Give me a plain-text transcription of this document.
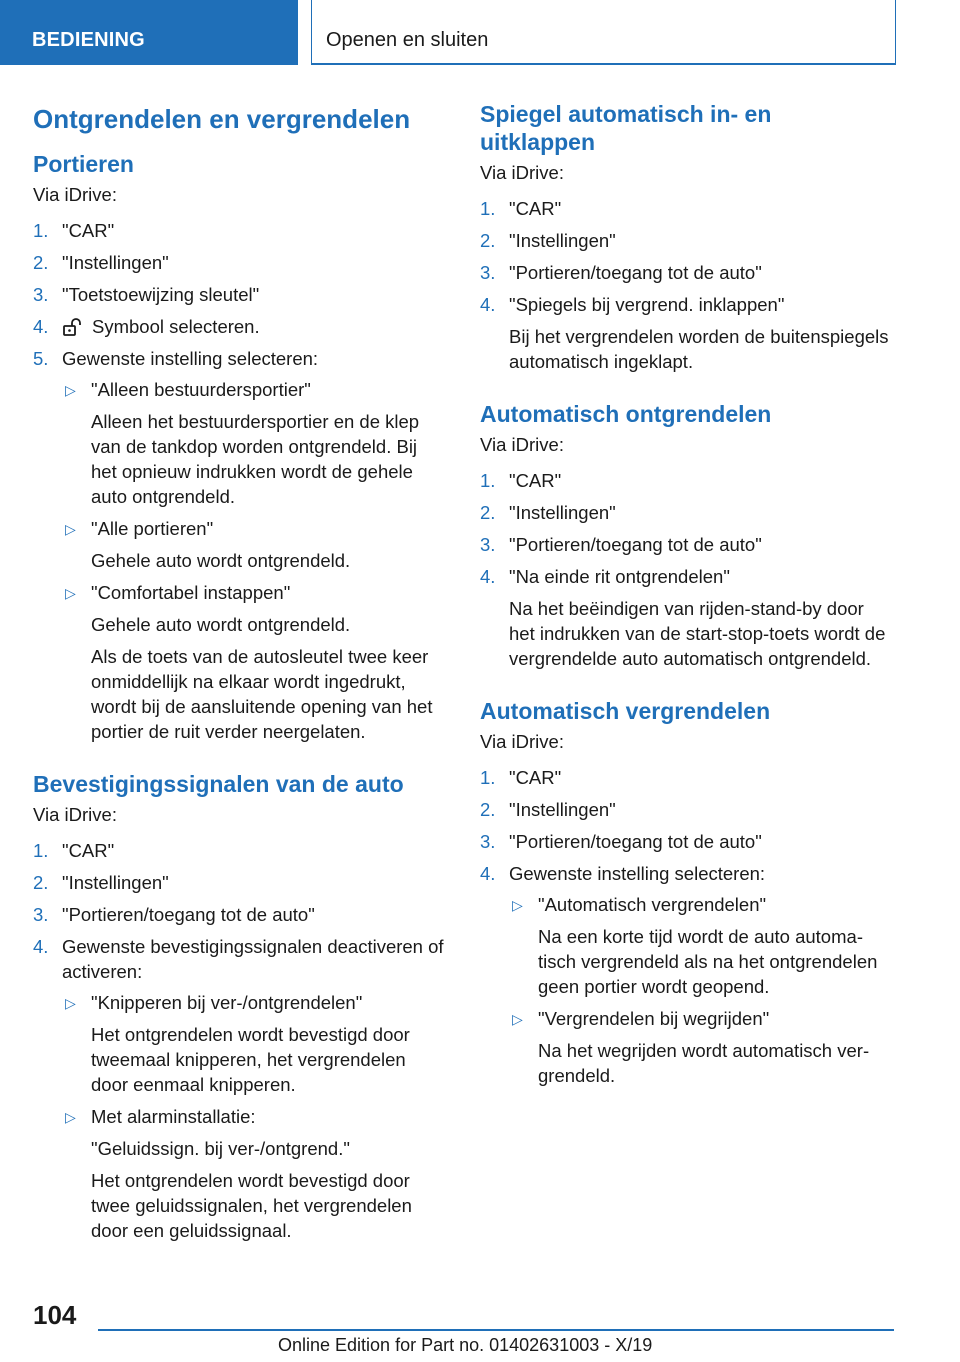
BEDIENING	Openen en sluiten
Ontgrendelen en vergrendelen
Portieren

Via iDrive:

1. "CAR"
2. "Instellingen"
3. "Toetstoewijzing sleutel"
4. Symbool selecteren.
5. Gewenste instelling selecteren:
▷ "Alleen bestuurdersportier"
Alleen het bestuurdersportier en de klep van de tankdop worden ontgrendeld. Bij het opnieuw indrukken wordt de gehele auto ontgrendeld.
▷ "Alle portieren"
Gehele auto wordt ontgrendeld.
▷ "Comfortabel instappen"
Gehele auto wordt ontgrendeld.
Als de toets van de autosleutel twee keer onmiddellijk na elkaar wordt ingedrukt, wordt bij de aansluitende opening van het portier de ruit verder neergelaten.
Bevestigingssignalen van de auto

Via iDrive:

1. "CAR"
2. "Instellingen"
3. "Portieren/toegang tot de auto"
4. Gewenste bevestigingssignalen deactiveren of activeren:
▷ "Knipperen bij ver-/ontgrendelen"
Het ontgrendelen wordt bevestigd door tweemaal knipperen, het vergrendelen door eenmaal knipperen.
▷ Met alarminstallatie:
"Geluidssign. bij ver-/ontgrend."
Het ontgrendelen wordt bevestigd door twee geluidssignalen, het vergrendelen door een geluidssignaal.
Spiegel automatisch in- en uitklappen

Via iDrive:

1. "CAR"
2. "Instellingen"
3. "Portieren/toegang tot de auto"
4. "Spiegels bij vergrend. inklappen"
Bij het vergrendelen worden de buitenspiegels automatisch ingeklapt.
Automatisch ontgrendelen

Via iDrive:

1. "CAR"
2. "Instellingen"
3. "Portieren/toegang tot de auto"
4. "Na einde rit ontgrendelen"
Na het beëindigen van rijden-stand-by door het indrukken van de start-stop-toets wordt de vergrendelde auto automatisch ontgrendeld.
Automatisch vergrendelen

Via iDrive:

1. "CAR"
2. "Instellingen"
3. "Portieren/toegang tot de auto"
4. Gewenste instelling selecteren:
▷ "Automatisch vergrendelen"
Na een korte tijd wordt de auto automatisch vergrendeld als na het ontgrendelen geen portier wordt geopend.
▷ "Vergrendelen bij wegrijden"
Na het wegrijden wordt automatisch vergrendeld.
104
Online Edition for Part no. 01402631003 - X/19
